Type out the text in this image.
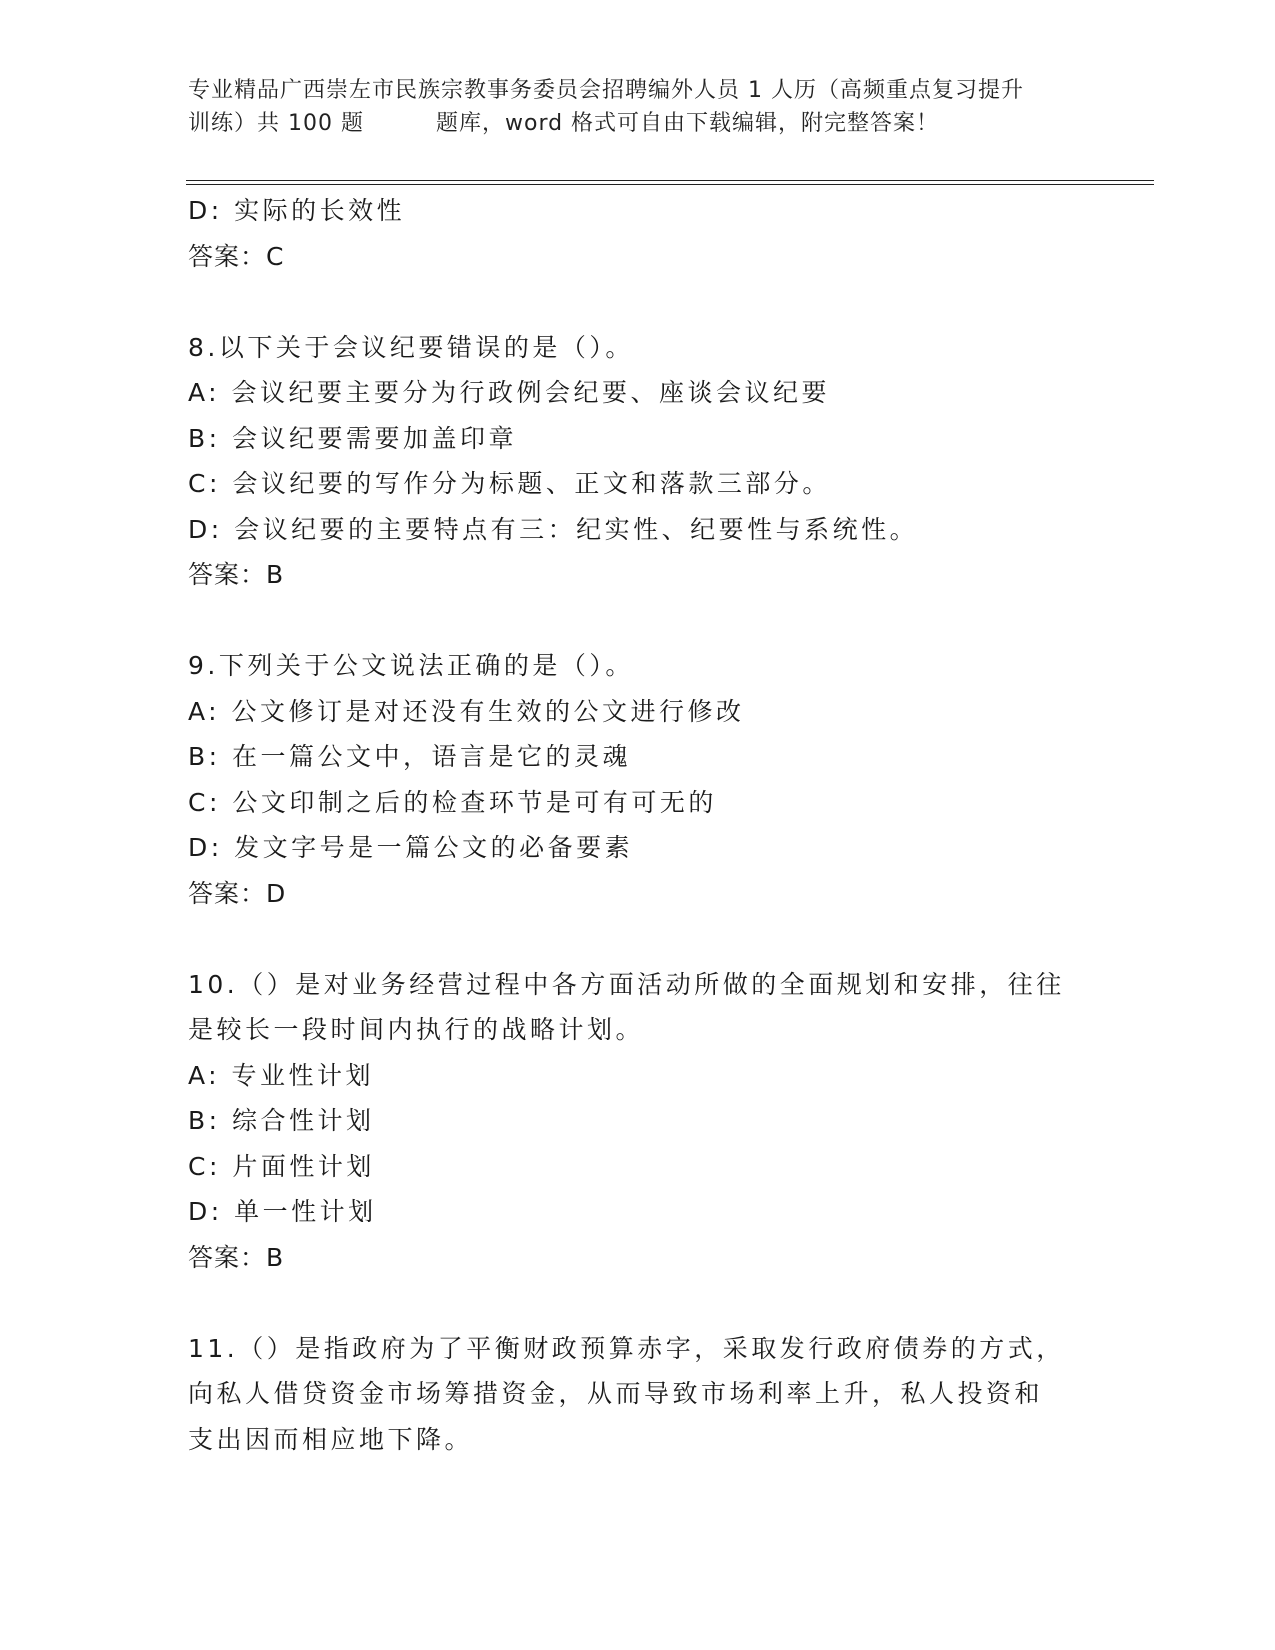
专业精品广西崇左市民族宗教事务委员会招聘编外人员 1 人历（高频重点复习提升
训练）共 100 题	题库，word 格式可自由下载编辑，附完整答案！
D: 实际的长效性
答案：C
8.以下关于会议纪要错误的是（）。
A: 会议纪要主要分为行政例会纪要、座谈会议纪要
B: 会议纪要需要加盖印章
C: 会议纪要的写作分为标题、正文和落款三部分。
D: 会议纪要的主要特点有三：纪实性、纪要性与系统性。
答案：B
9.下列关于公文说法正确的是（）。
A: 公文修订是对还没有生效的公文进行修改
B: 在一篇公文中，语言是它的灵魂
C: 公文印制之后的检查环节是可有可无的
D: 发文字号是一篇公文的必备要素
答案：D
10.（）是对业务经营过程中各方面活动所做的全面规划和安排，往往
是较长一段时间内执行的战略计划。
A: 专业性计划
B: 综合性计划
C: 片面性计划
D: 单一性计划
答案：B
11.（）是指政府为了平衡财政预算赤字，采取发行政府债券的方式，
向私人借贷资金市场筹措资金，从而导致市场利率上升，私人投资和
支出因而相应地下降。
